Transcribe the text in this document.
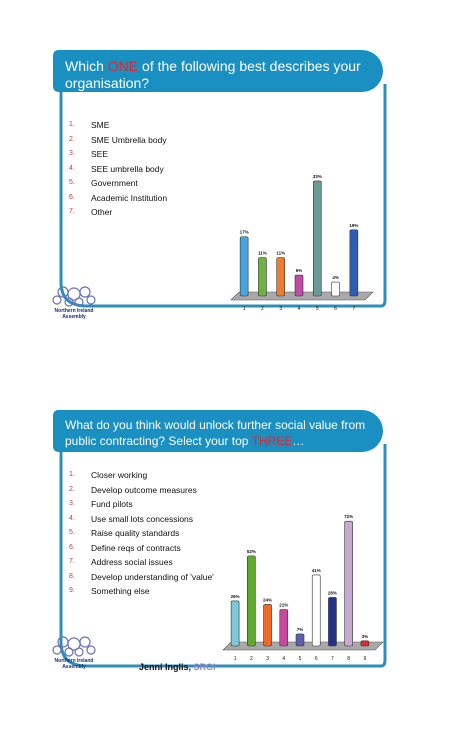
Which ONE of the following best describes your organisation?
1.	SME
2.	SME Umbrella body
3.	SEE
4.	SEE umbrella body
5.	Government
6.	Academic Institution
7.	Other
17%
1
11%
2
11%
3
6%
4
33%
5
4%
6
19%
7
Northern Ireland
Assembly
What do you think would unlock further social value from public contracting? Select your top THREE…
1.	Closer working
2.	Develop outcome measures
3.	Fund pilots
4.	Use small lots concessions
5.	Raise quality standards
6.	Define reqs of contracts
7.	Address social issues
8.	Develop understanding of 'value'
9.	Something else
26%
1
52%
2
24%
3
21%
4
7%
5
41%
6
28%
7
72%
8
3%
9
Northern Ireland
Assembly	Jenni Inglis, SROI
